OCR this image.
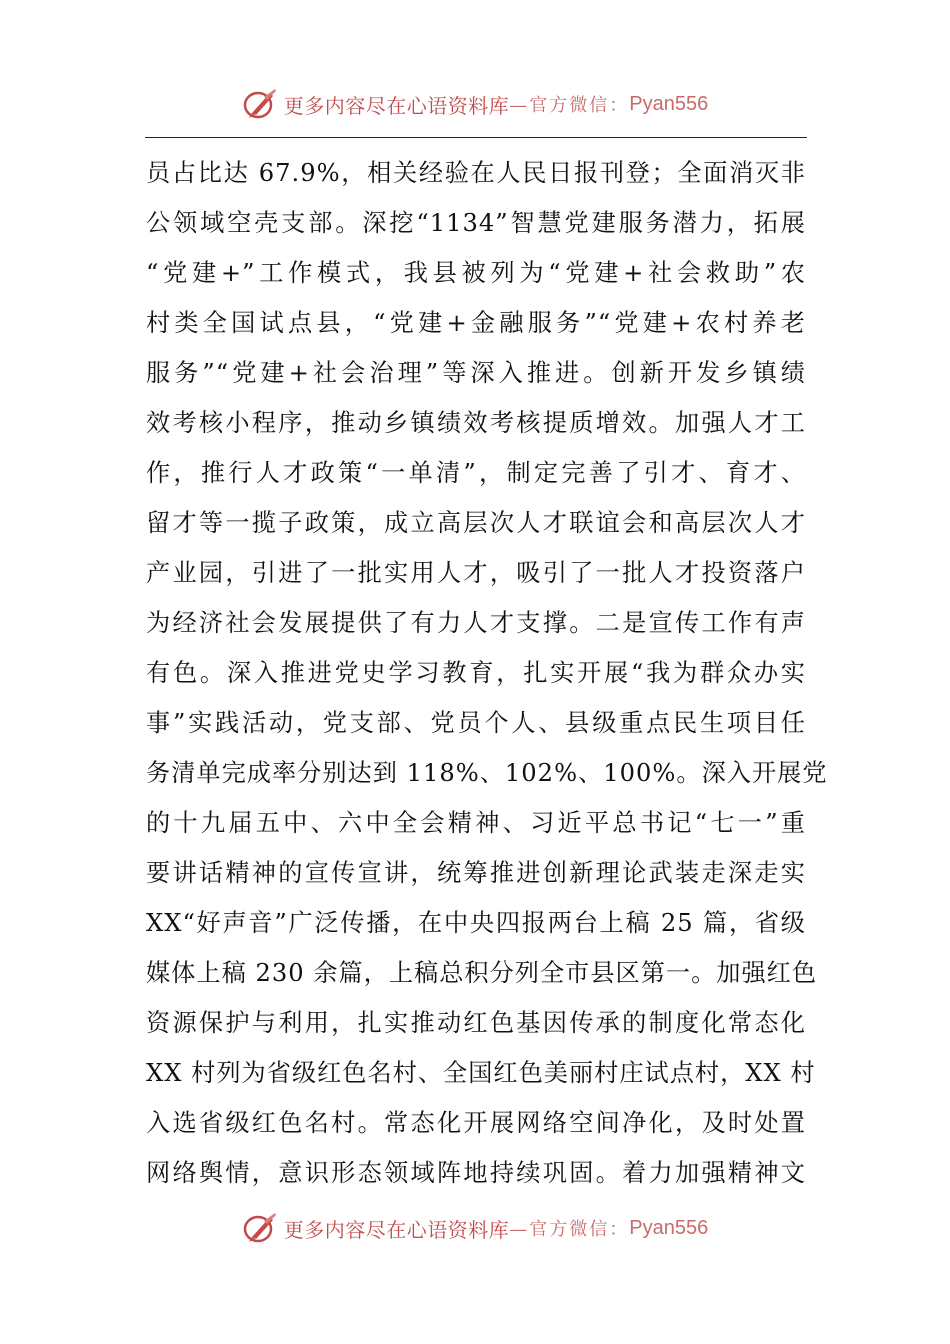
更多内容尽在心语资料库 —官方微信： Pyan556
员占比达 67.9%，相关经验在人民日报刊登；全面消灭非
公领域空壳支部。深挖“1134”智慧党建服务潜力，拓展
“党建+”工作模式，我县被列为“党建+社会救助”农
村类全国试点县，“党建+金融服务”“党建+农村养老
服务”“党建+社会治理”等深入推进。创新开发乡镇绩
效考核小程序，推动乡镇绩效考核提质增效。加强人才工
作，推行人才政策“一单清”，制定完善了引才、育才、
留才等一揽子政策，成立高层次人才联谊会和高层次人才
产业园，引进了一批实用人才，吸引了一批人才投资落户
为经济社会发展提供了有力人才支撑。二是宣传工作有声
有色。深入推进党史学习教育，扎实开展“我为群众办实
事”实践活动，党支部、党员个人、县级重点民生项目任
务清单完成率分别达到 118%、102%、100%。深入开展党
的十九届五中、六中全会精神、习近平总书记“七一”重
要讲话精神的宣传宣讲，统筹推进创新理论武装走深走实
XX“好声音”广泛传播，在中央四报两台上稿 25 篇，省级
媒体上稿 230 余篇，上稿总积分列全市县区第一。加强红色
资源保护与利用，扎实推动红色基因传承的制度化常态化
XX 村列为省级红色名村、全国红色美丽村庄试点村，XX 村
入选省级红色名村。常态化开展网络空间净化，及时处置
网络舆情，意识形态领域阵地持续巩固。着力加强精神文
更多内容尽在心语资料库 —官方微信： Pyan556
